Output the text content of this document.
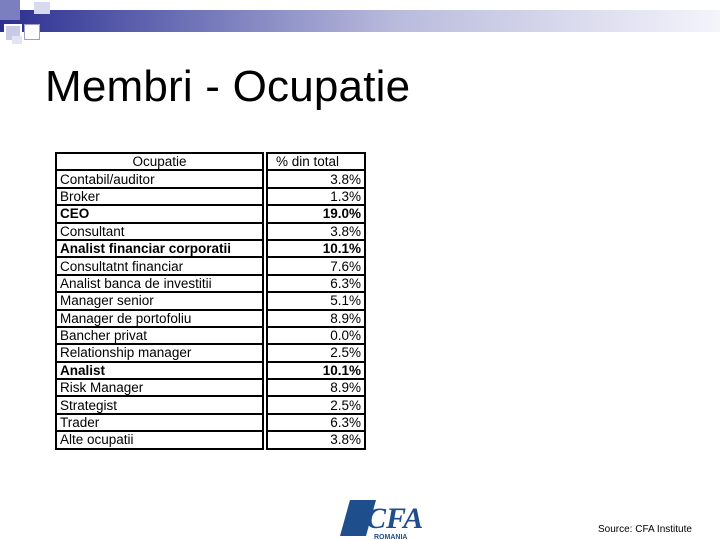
Membri - Ocupatie
Ocupatie		% din total
Contabil/auditor		3.8%
Broker		1.3%
CEO		19.0%
Consultant		3.8%
Analist financiar corporatii		10.1%
Consultatnt financiar		7.6%
Analist banca de investitii		6.3%
Manager senior		5.1%
Manager de portofoliu		8.9%
Bancher privat		0.0%
Relationship manager		2.5%
Analist		10.1%
Risk Manager		8.9%
Strategist		2.5%
Trader		6.3%
Alte ocupatii		3.8%
CFA
ROMANIA
Source: CFA Institute
